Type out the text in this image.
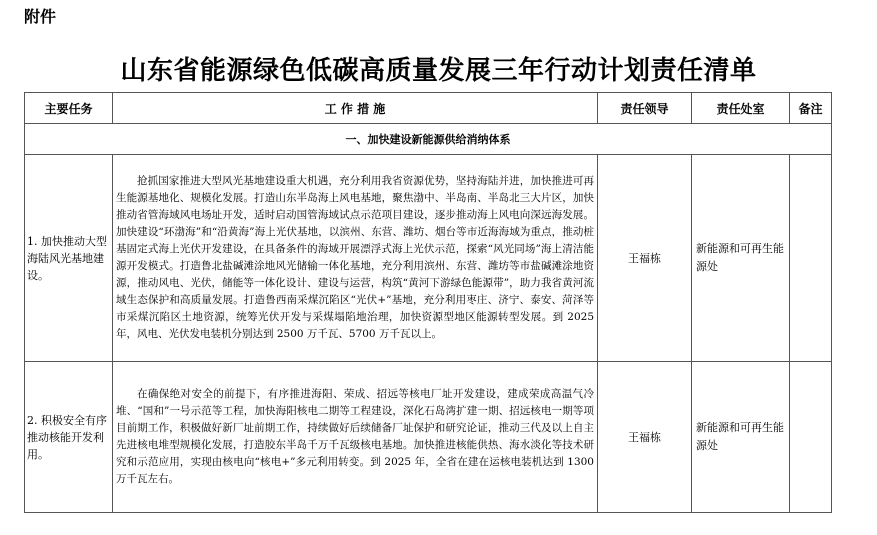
附件
山东省能源绿色低碳高质量发展三年行动计划责任清单
主要任务	工 作 措 施	责任领导	责任处室	备注
一、加快建设新能源供给消纳体系				
1. 加快推动大型海陆风光基地建设。	抢抓国家推进大型风光基地建设重大机遇，充分利用我省资源优势，坚持海陆并进，加快推进可再生能源基地化、规模化发展。打造山东半岛海上风电基地，聚焦渤中、半岛南、半岛北三大片区，加快推动省管海域风电场址开发，适时启动国管海域试点示范项目建设，逐步推动海上风电向深远海发展。加快建设“环渤海”和“沿黄海”海上光伏基地，以滨州、东营、潍坊、烟台等市近海海域为重点，推动桩基固定式海上光伏开发建设，在具备条件的海域开展漂浮式海上光伏示范，探索“风光同场”海上清洁能源开发模式。打造鲁北盐碱滩涂地风光储输一体化基地，充分利用滨州、东营、潍坊等市盐碱滩涂地资源，推动风电、光伏，储能等一体化设计、建设与运营，构筑“黄河下游绿色能源带”，助力我省黄河流域生态保护和高质量发展。打造鲁西南采煤沉陷区“光伏+”基地，充分利用枣庄、济宁、泰安、菏泽等市采煤沉陷区土地资源，统筹光伏开发与采煤塌陷地治理，加快资源型地区能源转型发展。到 2025 年，风电、光伏发电装机分别达到 2500 万千瓦、5700 万千瓦以上。	王福栋	新能源和可再生能源处	
2. 积极安全有序推动核能开发利用。	在确保绝对安全的前提下，有序推进海阳、荣成、招远等核电厂址开发建设，建成荣成高温气冷堆、“国和”一号示范等工程，加快海阳核电二期等工程建设，深化石岛湾扩建一期、招远核电一期等项目前期工作，积极做好新厂址前期工作，持续做好后续储备厂址保护和研究论证，推动三代及以上自主先进核电堆型规模化发展，打造胶东半岛千万千瓦级核电基地。加快推进核能供热、海水淡化等技术研究和示范应用，实现由核电向“核电+”多元利用转变。到 2025 年，全省在建在运核电装机达到 1300 万千瓦左右。	王福栋	新能源和可再生能源处	
